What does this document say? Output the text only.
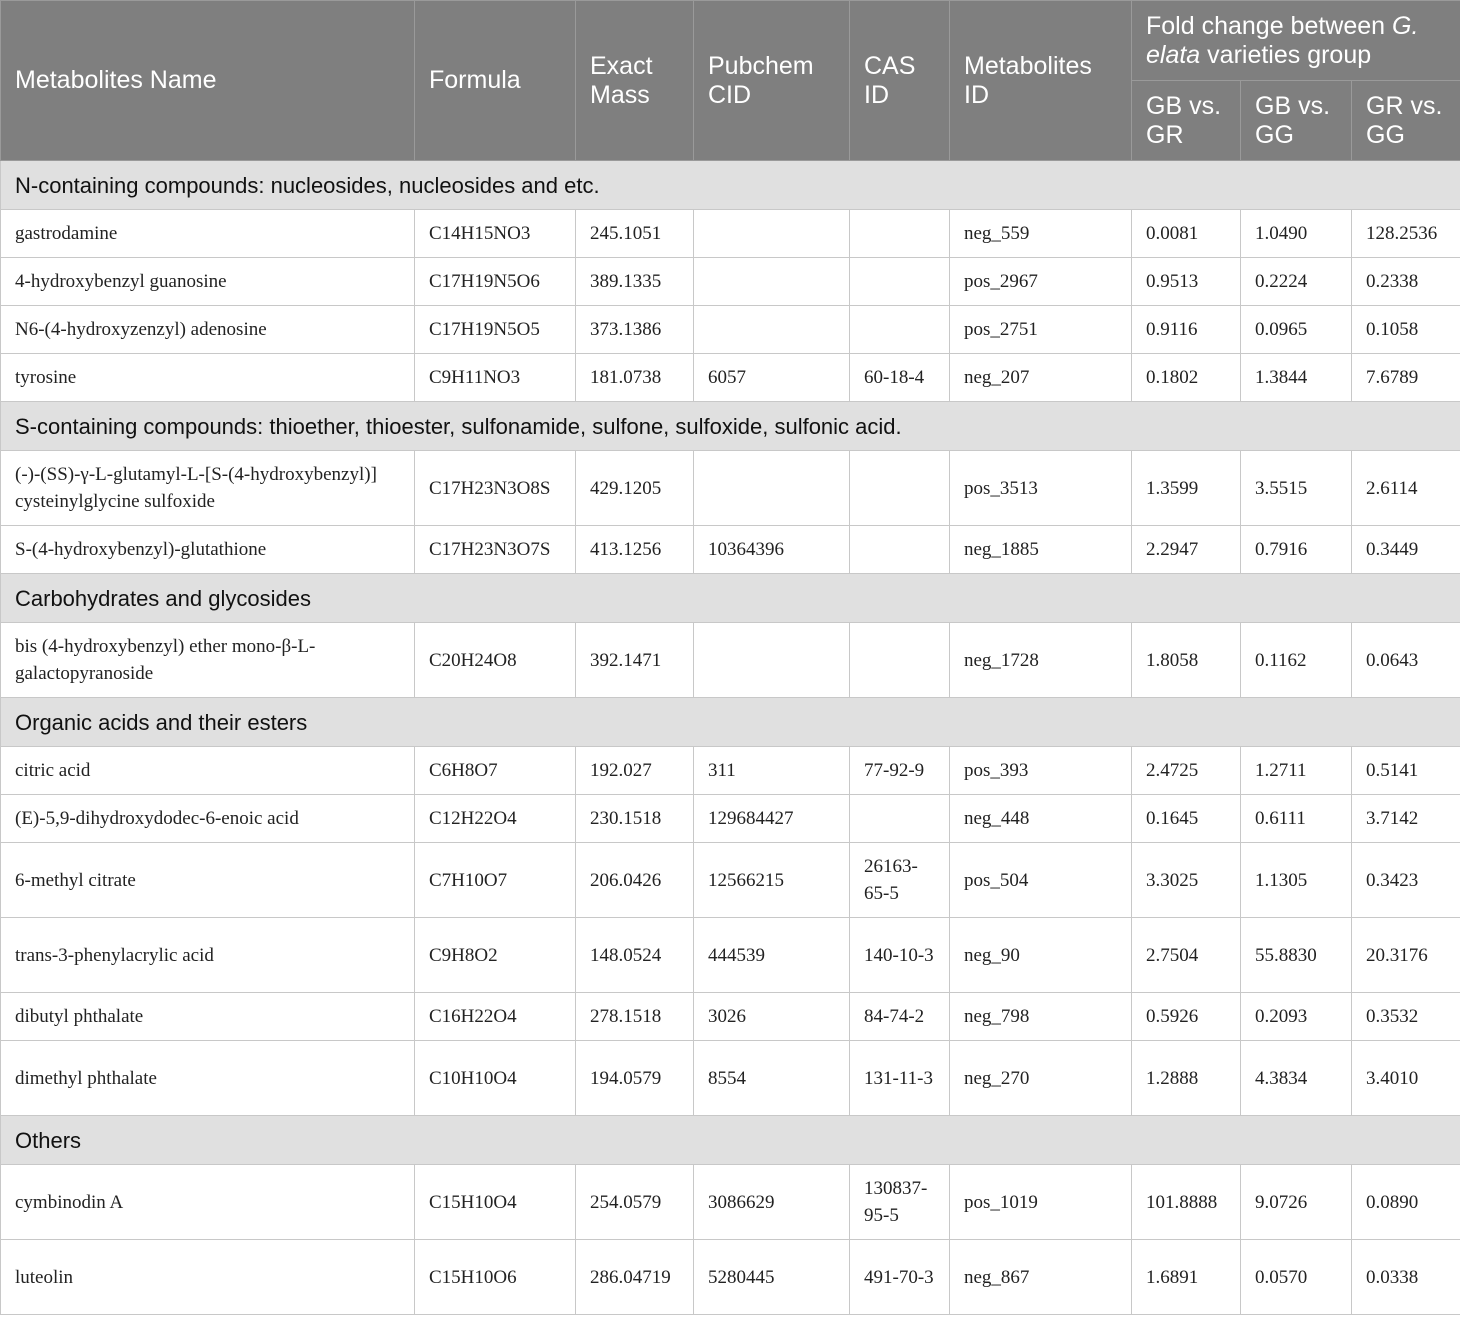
Metabolites Name	Formula	Exact Mass	Pubchem CID	CAS ID	Metabolites ID	Fold change between G. elata varieties group		
						GB vs. GR	GB vs. GG	GR vs. GG
N-containing compounds: nucleosides, nucleosides and etc.								
gastrodamine	C14H15NO3	245.1051			neg_559	0.0081	1.0490	128.2536
4-hydroxybenzyl guanosine	C17H19N5O6	389.1335			pos_2967	0.9513	0.2224	0.2338
N6-(4-hydroxyzenzyl) adenosine	C17H19N5O5	373.1386			pos_2751	0.9116	0.0965	0.1058
tyrosine	C9H11NO3	181.0738	6057	60-18-4	neg_207	0.1802	1.3844	7.6789
S-containing compounds: thioether, thioester, sulfonamide, sulfone, sulfoxide, sulfonic acid.								
(-)-(SS)-γ-L-glutamyl-L-[S-(4-hydroxybenzyl)] cysteinylglycine sulfoxide	C17H23N3O8S	429.1205			pos_3513	1.3599	3.5515	2.6114
S-(4-hydroxybenzyl)-glutathione	C17H23N3O7S	413.1256	10364396		neg_1885	2.2947	0.7916	0.3449
Carbohydrates and glycosides								
bis (4-hydroxybenzyl) ether mono-β-L-galactopyranoside	C20H24O8	392.1471			neg_1728	1.8058	0.1162	0.0643
Organic acids and their esters								
citric acid	C6H8O7	192.027	311	77-92-9	pos_393	2.4725	1.2711	0.5141
(E)-5,9-dihydroxydodec-6-enoic acid	C12H22O4	230.1518	129684427		neg_448	0.1645	0.6111	3.7142
6-methyl citrate	C7H10O7	206.0426	12566215	26163-65-5	pos_504	3.3025	1.1305	0.3423
trans-3-phenylacrylic acid	C9H8O2	148.0524	444539	140-10-3	neg_90	2.7504	55.8830	20.3176
dibutyl phthalate	C16H22O4	278.1518	3026	84-74-2	neg_798	0.5926	0.2093	0.3532
dimethyl phthalate	C10H10O4	194.0579	8554	131-11-3	neg_270	1.2888	4.3834	3.4010
Others								
cymbinodin A	C15H10O4	254.0579	3086629	130837-95-5	pos_1019	101.8888	9.0726	0.0890
luteolin	C15H10O6	286.04719	5280445	491-70-3	neg_867	1.6891	0.0570	0.0338
